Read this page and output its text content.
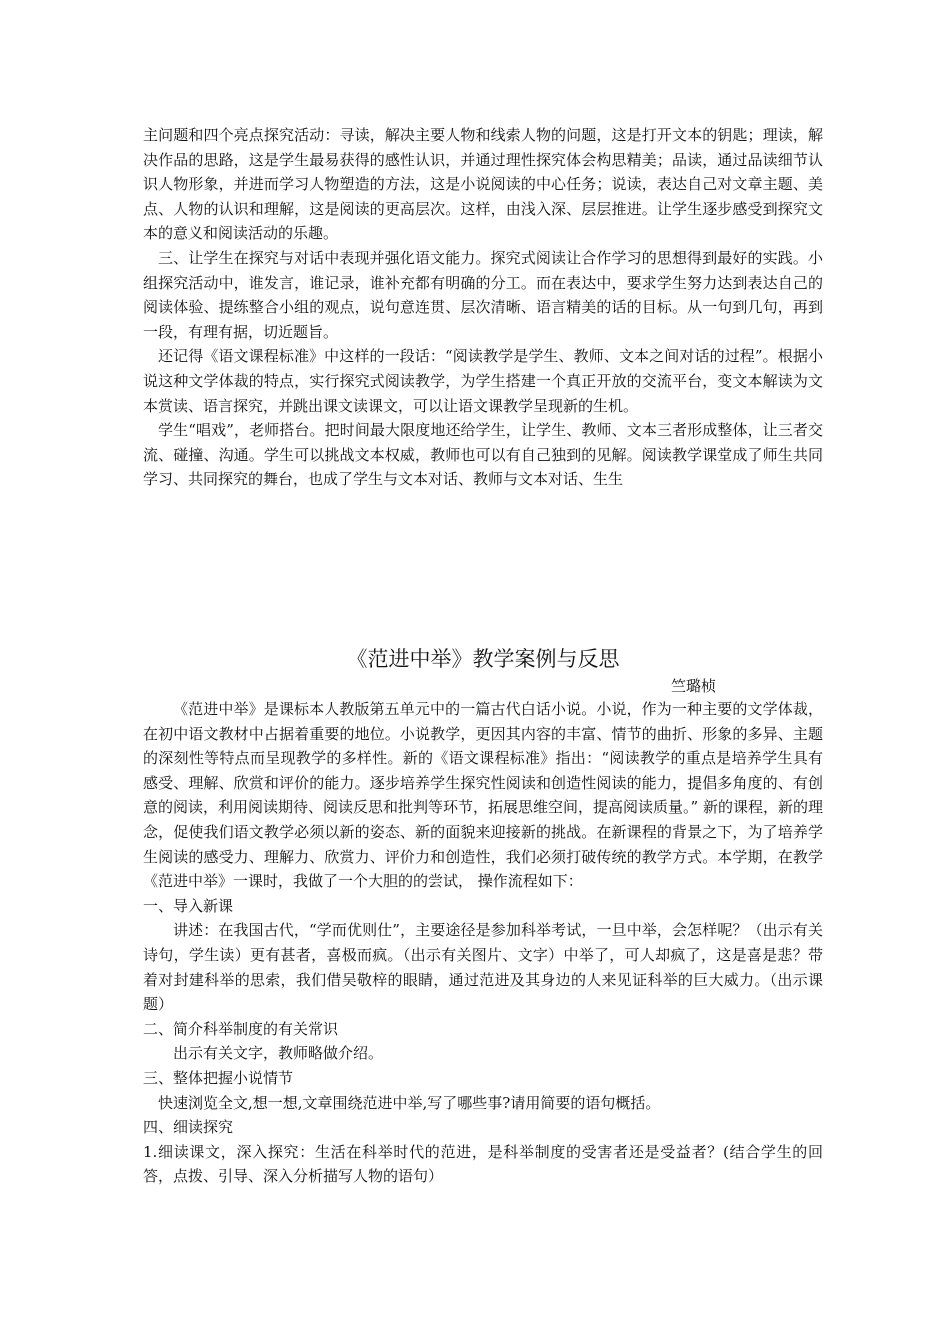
主问题和四个亮点探究活动：寻读，解决主要人物和线索人物的问题，这是打开文本的钥匙；理读，解决作品的思路，这是学生最易获得的感性认识，并通过理性探究体会构思精美；品读，通过品读细节认识人物形象，并进而学习人物塑造的方法，这是小说阅读的中心任务；说读，表达自己对文章主题、美点、人物的认识和理解，这是阅读的更高层次。这样，由浅入深、层层推进。让学生逐步感受到探究文本的意义和阅读活动的乐趣。

三、让学生在探究与对话中表现并强化语文能力。探究式阅读让合作学习的思想得到最好的实践。小组探究活动中，谁发言，谁记录，谁补充都有明确的分工。而在表达中，要求学生努力达到表达自己的阅读体验、提练整合小组的观点，说句意连贯、层次清晰、语言精美的话的目标。从一句到几句，再到一段，有理有据，切近题旨。

还记得《语文课程标准》中这样的一段话：“阅读教学是学生、教师、文本之间对话的过程”。根据小说这种文学体裁的特点，实行探究式阅读教学，为学生搭建一个真正开放的交流平台，变文本解读为文本赏读、语言探究，并跳出课文读课文，可以让语文课教学呈现新的生机。

学生“唱戏”，老师搭台。把时间最大限度地还给学生，让学生、教师、文本三者形成整体，让三者交流、碰撞、沟通。学生可以挑战文本权威，教师也可以有自己独到的见解。阅读教学课堂成了师生共同学习、共同探究的舞台，也成了学生与文本对话、教师与文本对话、生生

《范进中举》教学案例与反思

竺璐桢

《范进中举》是课标本人教版第五单元中的一篇古代白话小说。小说，作为一种主要的文学体裁，在初中语文教材中占据着重要的地位。小说教学，更因其内容的丰富、情节的曲折、形象的多异、主题的深刻性等特点而呈现教学的多样性。新的《语文课程标准》指出：“阅读教学的重点是培养学生具有感受、理解、欣赏和评价的能力。逐步培养学生探究性阅读和创造性阅读的能力，提倡多角度的、有创意的阅读，利用阅读期待、阅读反思和批判等环节，拓展思维空间，提高阅读质量。” 新的课程，新的理念，促使我们语文教学必须以新的姿态、新的面貌来迎接新的挑战。在新课程的背景之下，为了培养学生阅读的感受力、理解力、欣赏力、评价力和创造性，我们必须打破传统的教学方式。本学期，在教学《范进中举》一课时，我做了一个大胆的的尝试， 操作流程如下：

一、导入新课

讲述：在我国古代，“学而优则仕”，主要途径是参加科举考试，一旦中举，会怎样呢？（出示有关诗句，学生读）更有甚者，喜极而疯。（出示有关图片、文字）中举了，可人却疯了，这是喜是悲？带着对封建科举的思索，我们借吴敬梓的眼睛，通过范进及其身边的人来见证科举的巨大威力。（出示课题）

二、简介科举制度的有关常识

出示有关文字，教师略做介绍。

三、整体把握小说情节

快速浏览全文,想一想,文章围绕范进中举,写了哪些事?请用简要的语句概括。

四、细读探究

1.细读课文，深入探究：生活在科举时代的范进，是科举制度的受害者还是受益者？(结合学生的回答，点拨、引导、深入分析描写人物的语句）
